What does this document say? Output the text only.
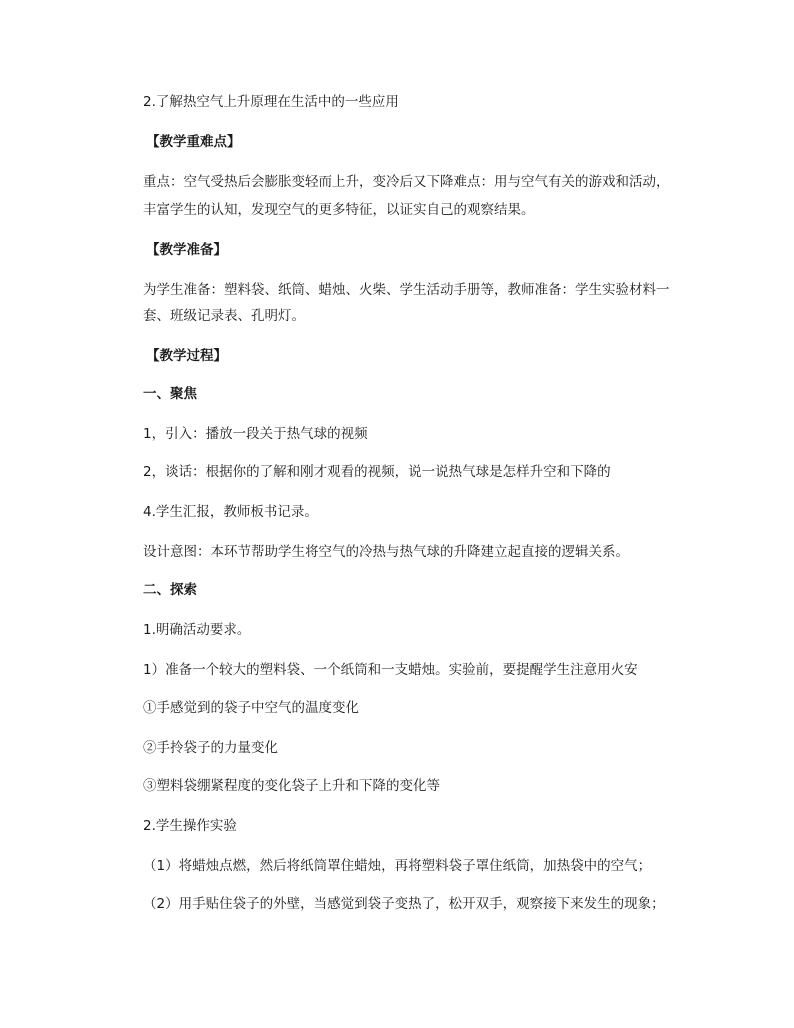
2.了解热空气上升原理在生活中的一些应用
【教学重难点】
重点：空气受热后会膨胀变轻而上升，变冷后又下降难点：用与空气有关的游戏和活动，
丰富学生的认知，发现空气的更多特征，以证实自己的观察结果。
【教学准备】
为学生准备：塑料袋、纸筒、蜡烛、火柴、学生活动手册等，教师准备：学生实验材料一
套、班级记录表、孔明灯。
【教学过程】
一、聚焦
1，引入：播放一段关于热气球的视频
2，谈话：根据你的了解和刚才观看的视频，说一说热气球是怎样升空和下降的
4.学生汇报，教师板书记录。
设计意图：本环节帮助学生将空气的冷热与热气球的升降建立起直接的逻辑关系。
二、探索
1.明确活动要求。
1）准备一个较大的塑料袋、一个纸筒和一支蜡烛。实验前，要提醒学生注意用火安
①手感觉到的袋子中空气的温度变化
②手拎袋子的力量变化
③塑料袋绷紧程度的变化袋子上升和下降的变化等
2.学生操作实验
（1）将蜡烛点燃，然后将纸筒罩住蜡烛，再将塑料袋子罩住纸筒，加热袋中的空气；
（2）用手贴住袋子的外壁，当感觉到袋子变热了，松开双手，观察接下来发生的现象；
